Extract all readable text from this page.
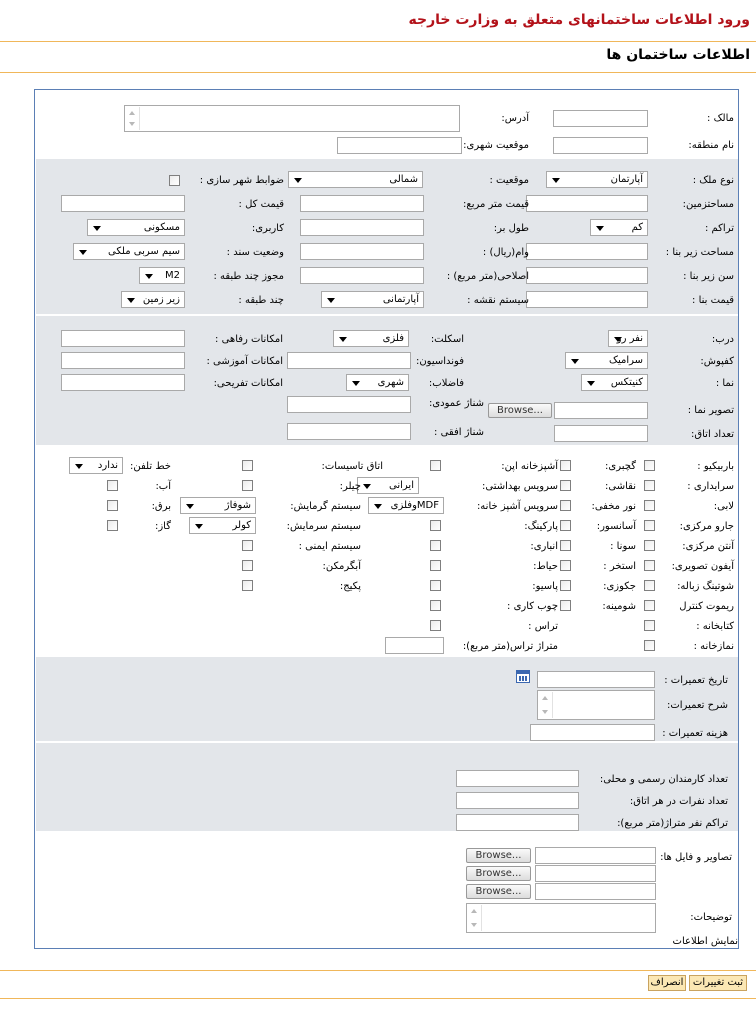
ورود اطلاعات ساختمانهای متعلق به وزارت خارجه
اطلاعات ساختمان ها
مالک :
آدرس:
نام منطقه:
موقعیت شهری:
نوع ملک :
آپارتمان
موقعیت :
شمالی
ضوابط شهر سازی :
مساحتزمین:
قیمت متر مربع:
قیمت کل :
تراکم :
کم
طول بر:
کاربری:
مسکونی
مساحت زیر بنا :
وام(ریال) :
وضعیت سند :
سیم سربی ملکی
سن زیر بنا :
اصلاحی(متر مربع) :
مجوز چند طبقه :
M2
قیمت بنا :
سیستم نقشه :
آپارتمانی
چند طبقه :
زیر زمین
درب:
نفر رو
اسکلت:
فلزی
امکانات رفاهی :
کفپوش:
سرامیک
فونداسیون:
امکانات آموزشی :
نما :
کنیتکس
فاضلاب:
شهری
امکانات تفریحی:
تصویر نما :
Browse...
شناژ عمودی:
تعداد اتاق:
شناژ افقی :
باربیکیو :
سرایداری :
لابی:
جارو مرکزی:
آنتن مرکزی:
آیفون تصویری:
شوتینگ زباله:
ریموت کنترل
کتابخانه :
نمازخانه :
گچبری:
نقاشی:
نور مخفی:
آسانسور:
سونا :
استخر :
جکوزی:
شومینه:
آشپزخانه اپن:
سرویس بهداشتی:
ایرانی
سرویس آشپز خانه:
MDFوفلزی
پارکینگ:
انباری:
حیاط:
پاسیو:
چوب کاری :
تراس :
متراژ تراس(متر مربع):
اتاق تاسیسات:
چیلر:
سیستم گرمایش:
شوفاژ
سیستم سرمایش:
کولر
سیستم ایمنی :
آبگرمکن:
پکیج:
خط تلفن:
ندارد
آب:
برق:
گاز:
تاریخ تعمیرات :
شرح تعمیرات:
هزینه تعمیرات :
تعداد کارمندان رسمی و محلی:
تعداد نفرات در هر اتاق:
تراکم نفر متراژ(متر مربع):
تصاویر و فایل ها:
Browse...
Browse...
Browse...
توضیحات:
نمایش اطلاعات
ثبت تغییرات
انصراف
